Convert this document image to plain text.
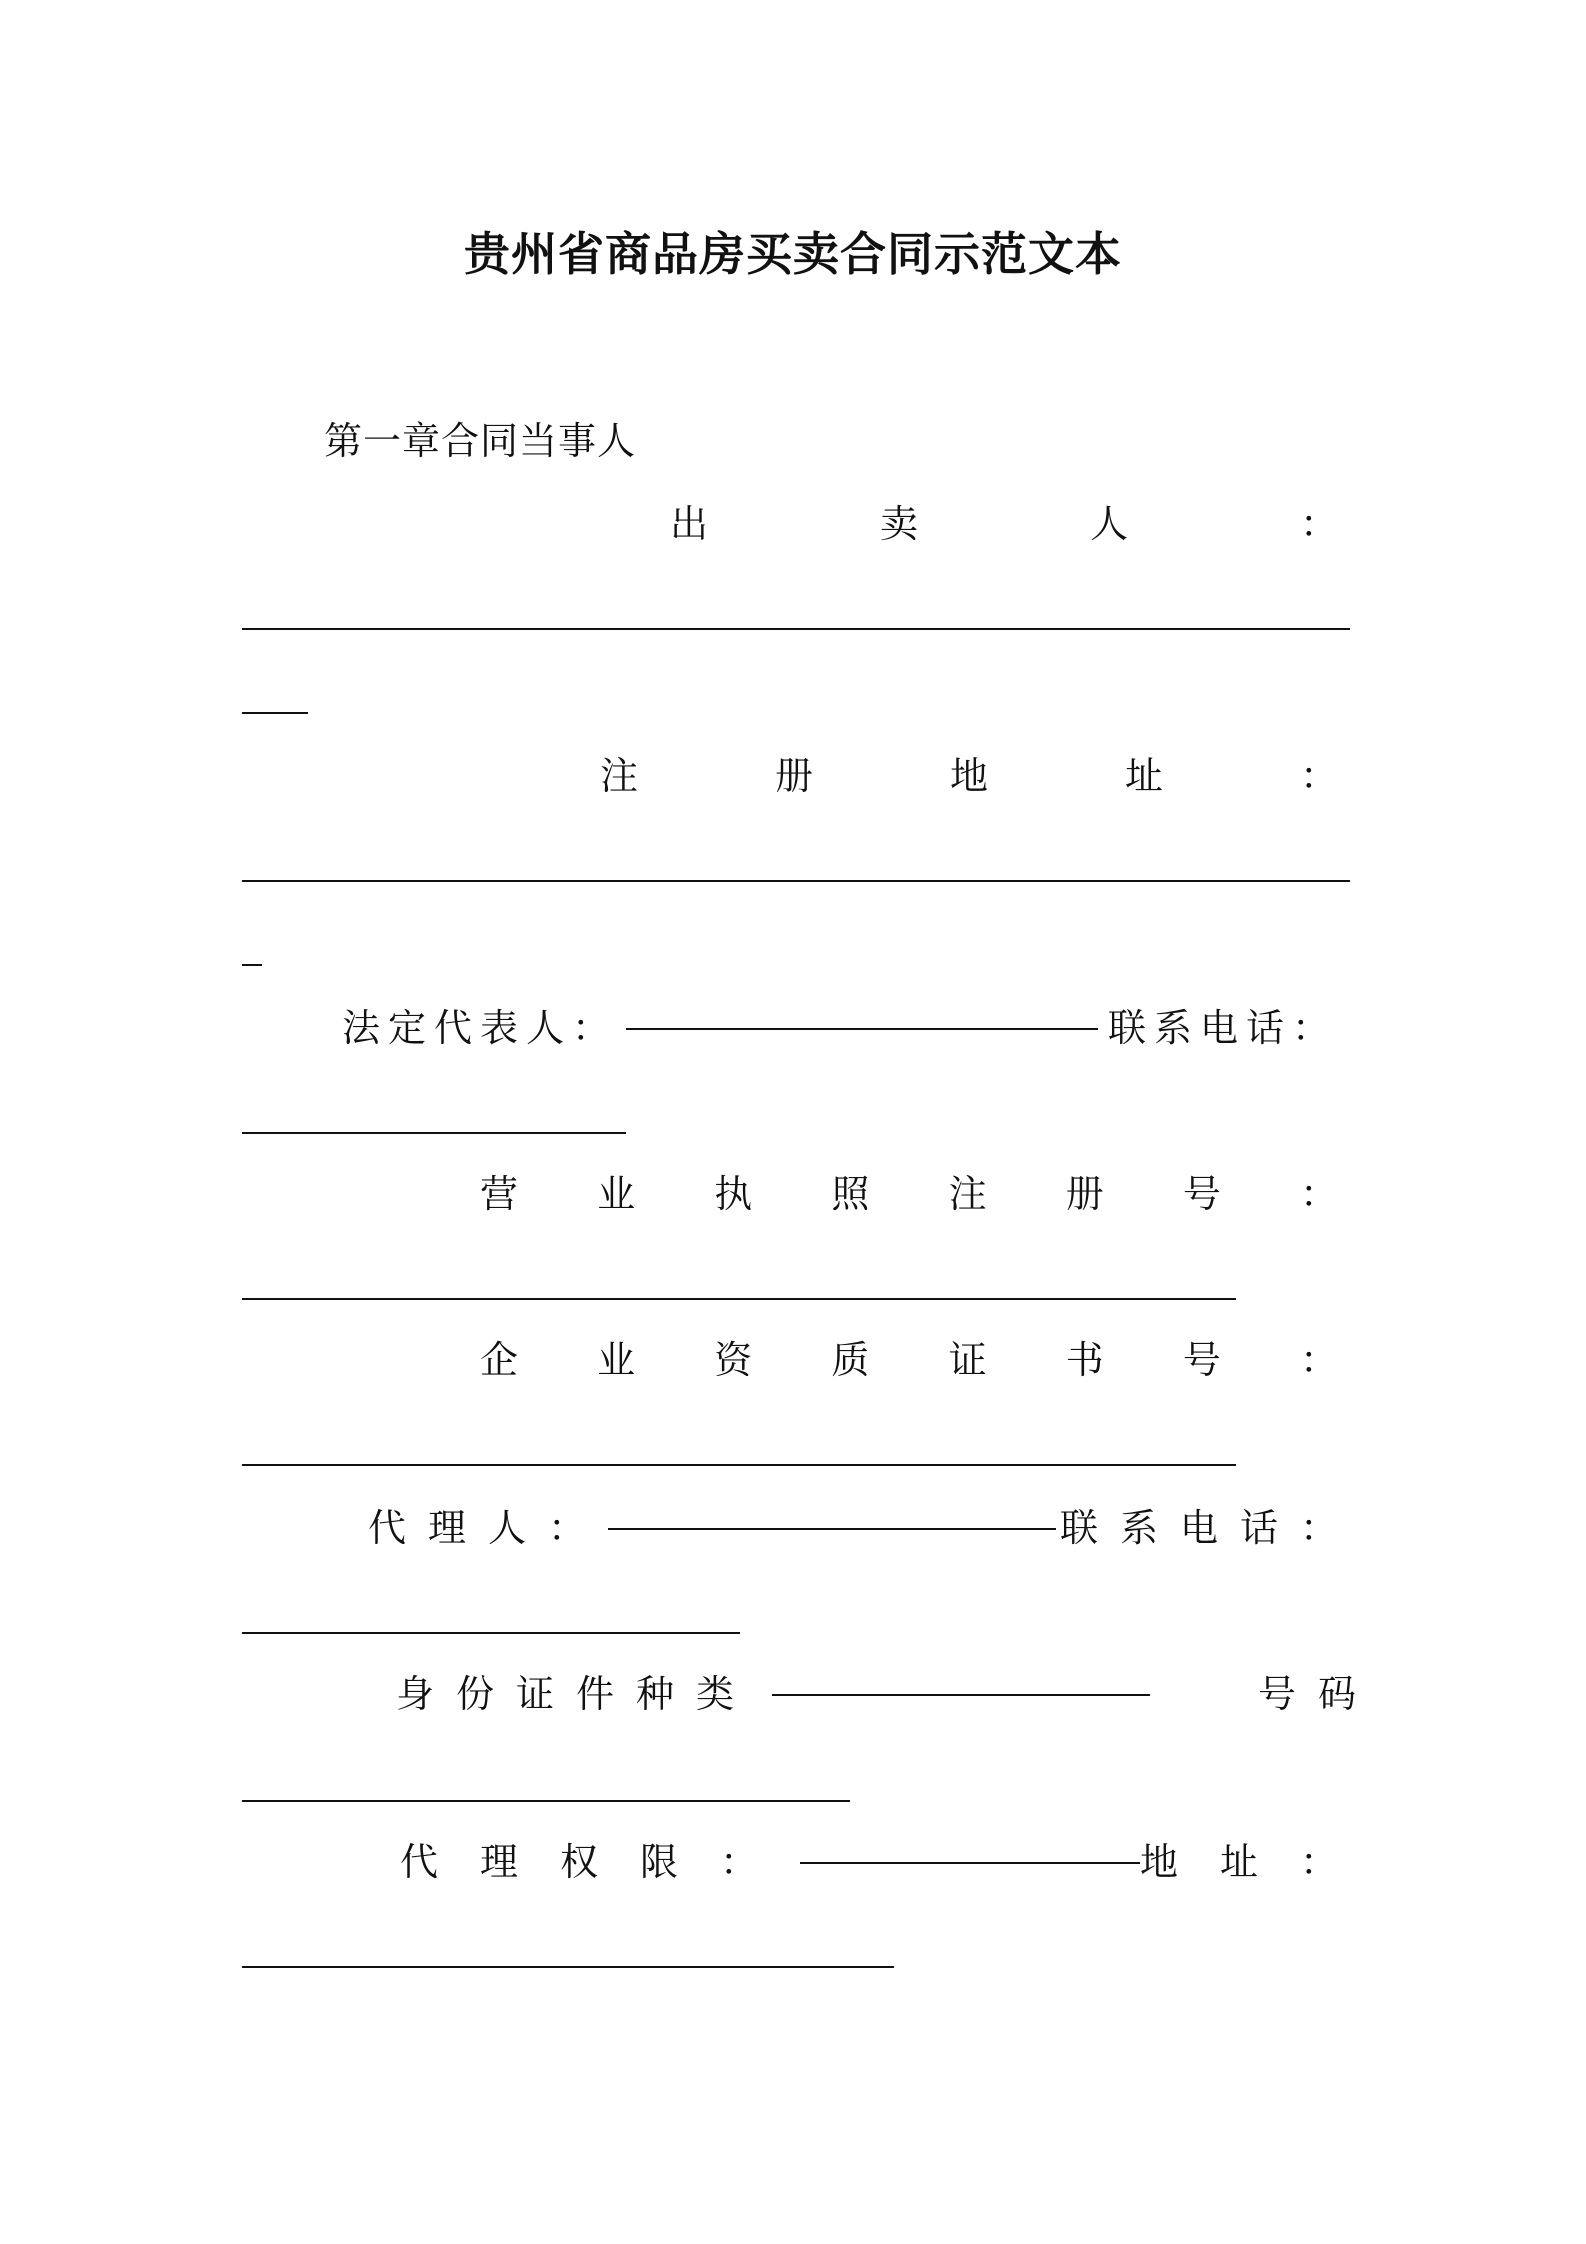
贵州省商品房买卖合同示范文本
第一章合同当事人
出	卖	人	：
注	册	地	址	：
法定代表人：	联系电话：
营 业 执 照 注 册 号 ：
企 业 资 质 证 书 号 ：
代理人：	联系电话：
身份证件种类	号码
代理权限：	地址：
